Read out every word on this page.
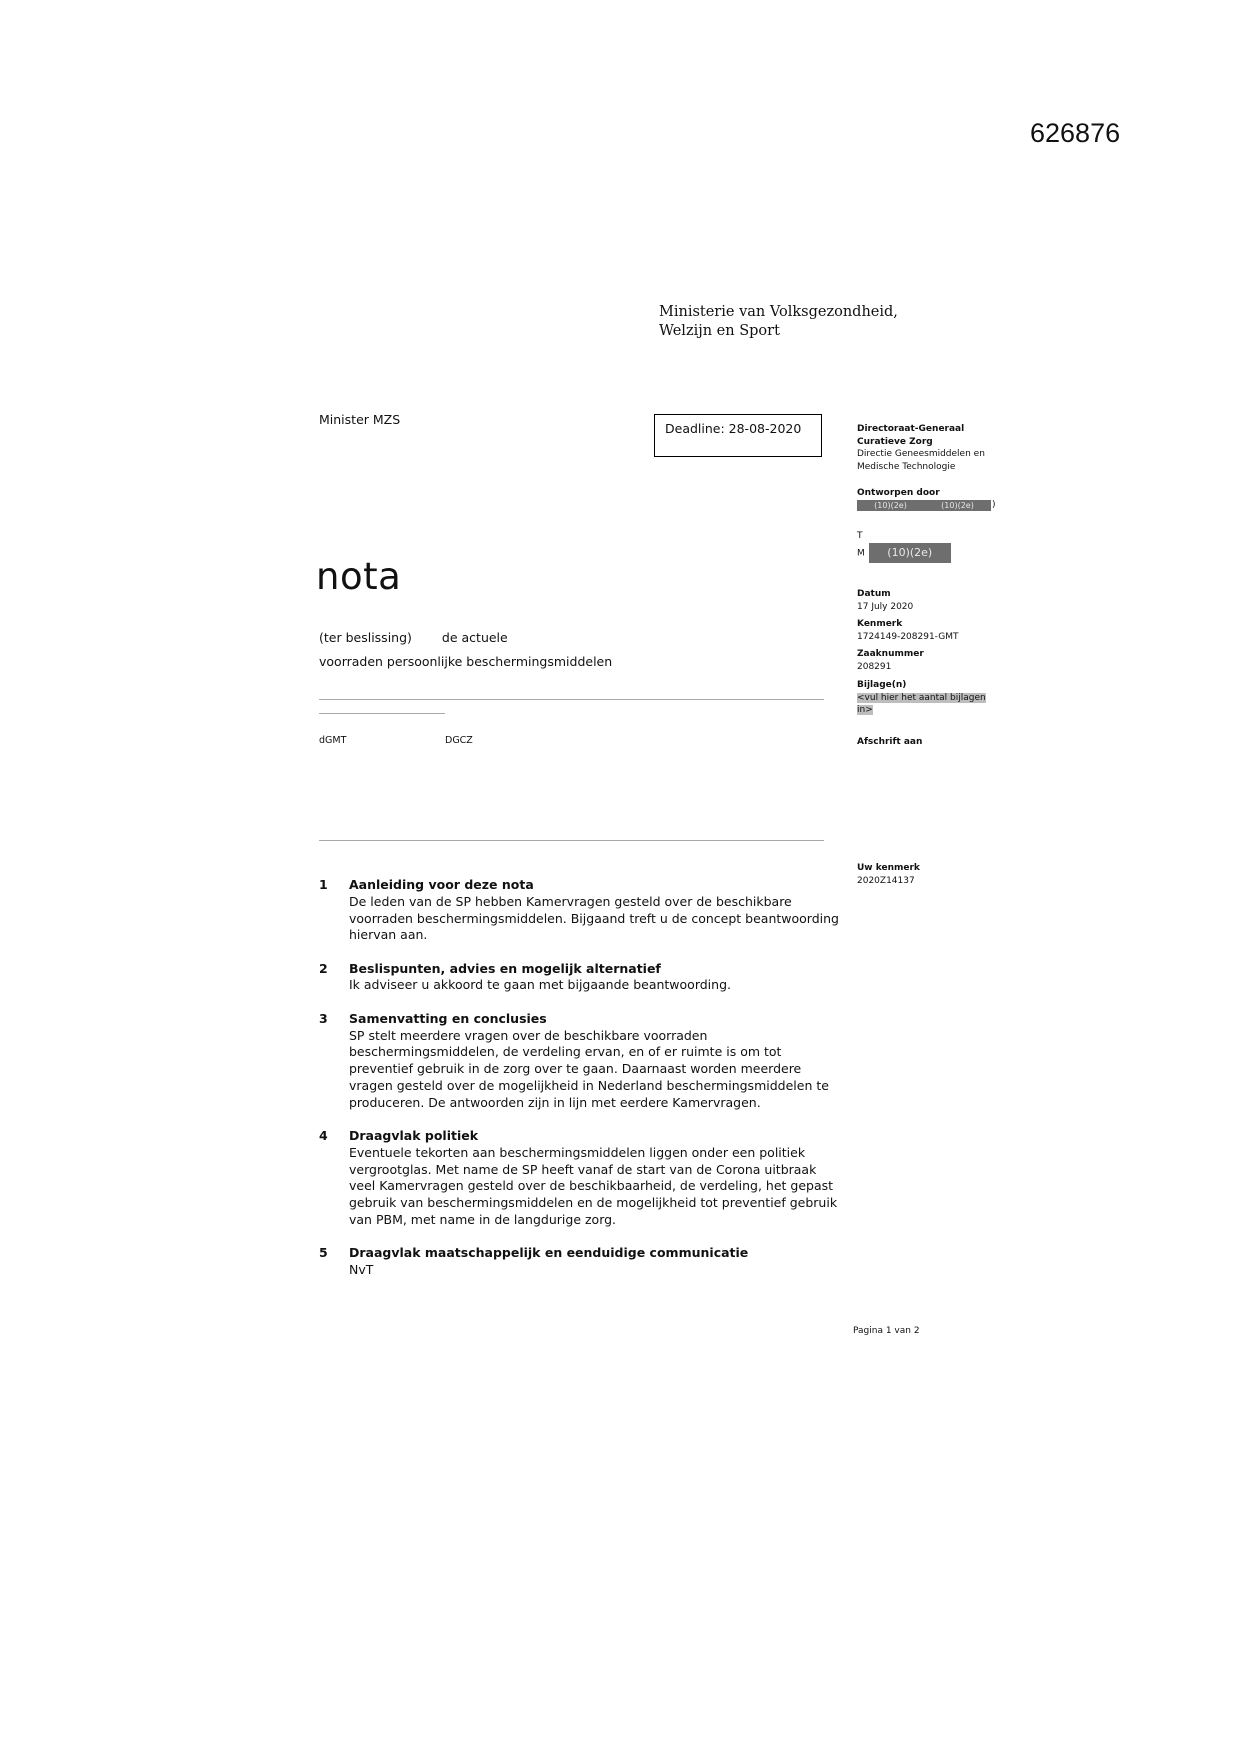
626876
Ministerie van Volksgezondheid,
Welzijn en Sport
Minister MZS
Deadline: 28-08-2020
nota
(ter beslissing) de actuele
voorraden persoonlijke beschermingsmiddelen
dGMT	DGCZ
Directoraat-Generaal
Curatieve Zorg
Directie Geneesmiddelen en
Medische Technologie
Ontworpen door
(10)(2e)	(10)(2e)	)
T
M (10)(2e)
Datum
17 July 2020
Kenmerk
1724149-208291-GMT
Zaaknummer
208291
Bijlage(n)
<vul hier het aantal bijlagen
in>
Afschrift aan
Uw kenmerk
2020Z14137
1	Aanleiding voor deze nota
De leden van de SP hebben Kamervragen gesteld over de beschikbare
voorraden beschermingsmiddelen. Bijgaand treft u de concept beantwoording
hiervan aan.
2	Beslispunten, advies en mogelijk alternatief
Ik adviseer u akkoord te gaan met bijgaande beantwoording.
3	Samenvatting en conclusies
SP stelt meerdere vragen over de beschikbare voorraden
beschermingsmiddelen, de verdeling ervan, en of er ruimte is om tot
preventief gebruik in de zorg over te gaan. Daarnaast worden meerdere
vragen gesteld over de mogelijkheid in Nederland beschermingsmiddelen te
produceren. De antwoorden zijn in lijn met eerdere Kamervragen.
4	Draagvlak politiek
Eventuele tekorten aan beschermingsmiddelen liggen onder een politiek
vergrootglas. Met name de SP heeft vanaf de start van de Corona uitbraak
veel Kamervragen gesteld over de beschikbaarheid, de verdeling, het gepast
gebruik van beschermingsmiddelen en de mogelijkheid tot preventief gebruik
van PBM, met name in de langdurige zorg.
5	Draagvlak maatschappelijk en eenduidige communicatie
NvT
Pagina 1 van 2
